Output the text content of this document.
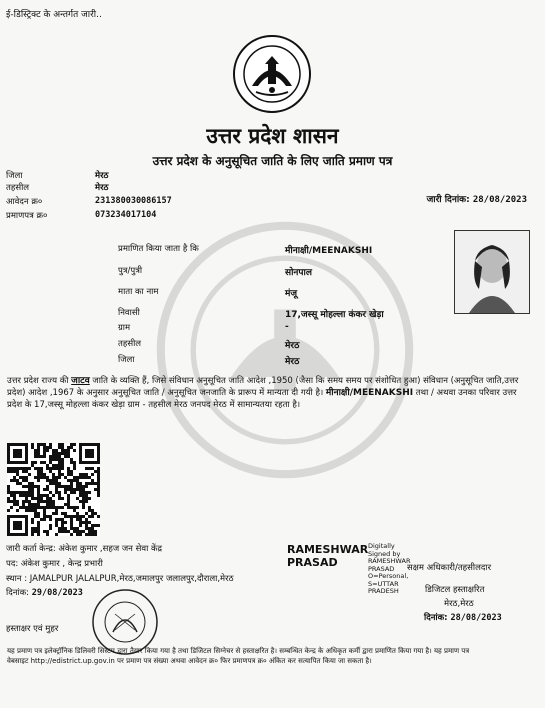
ई-डिस्ट्रिक्ट के अन्तर्गत जारी..
उत्तर प्रदेश शासन
उत्तर प्रदेश के अनुसूचित जाति के लिए जाति प्रमाण पत्र
जिला	मेरठ
तहसील	मेरठ
आवेदन क्र०	231380030086157
प्रमाणपत्र क्र०	073234017104
जारी दिनांक: 28/08/2023
प्रमाणित किया जाता है कि	मीनाक्षी/MEENAKSHI
पुत्र/पुत्री	सोनपाल
माता का नाम	मंजू
निवासी	17,जस्सू मोहल्ला कंकर खेड़ा
ग्राम	-
तहसील	मेरठ
जिला	मेरठ
उत्तर प्रदेश राज्य की जाटव जाति के व्यक्ति हैं, जिसे संविधान अनुसूचित जाति आदेश ,1950 (जैसा कि समय समय पर संशोधित हुआ) संविधान (अनुसूचित जाति,उत्तर प्रदेश) आदेश ,1967 के अनुसार अनुसूचित जाति / अनुसूचित जनजाति के प्रारूप में मान्यता दी गयी है। मीनाक्षी/MEENAKSHI तथा / अथवा उनका परिवार उत्तर प्रदेश के 17,जस्सू मोहल्ला कंकर खेड़ा ग्राम - तहसील मेरठ जनपद मेरठ में सामान्यतया रहता है।
जारी कर्ता केन्द्र: अंकेश कुमार ,सहज जन सेवा केंद्र
पद: अंकेश कुमार , केन्द्र प्रभारी
स्थान : JAMALPUR JALALPUR,मेरठ,जमालपुर जलालपुर,दौराला,मेरठ
दिनांक: 29/08/2023
हस्ताक्षर एवं मुहर
RAMESHWAR
PRASAD
Digitally
Signed by
RAMESHWAR
PRASAD
O=Personal,
S=UTTAR
PRADESH
सक्षम अधिकारी/तहसीलदार
डिजिटल हस्ताक्षरित
मेरठ,मेरठ
दिनांक: 28/08/2023
यह प्रमाण पत्र इलेक्ट्रॉनिक डिलिवरी सिस्टम द्वारा तैयार किया गया है तथा डिजिटल सिग्नेचर से हस्ताक्षरित है। सम्बन्धित केन्द्र के अधिकृत कर्मी द्वारा प्रमाणित किया गया है। यह प्रमाण पत्र
वेबसाइट http://edistrict.up.gov.in पर प्रमाण पत्र संख्या अथवा आवेदन क्र० फिर प्रमाणपत्र क्र० अंकित कर सत्यापित किया जा सकता है।
